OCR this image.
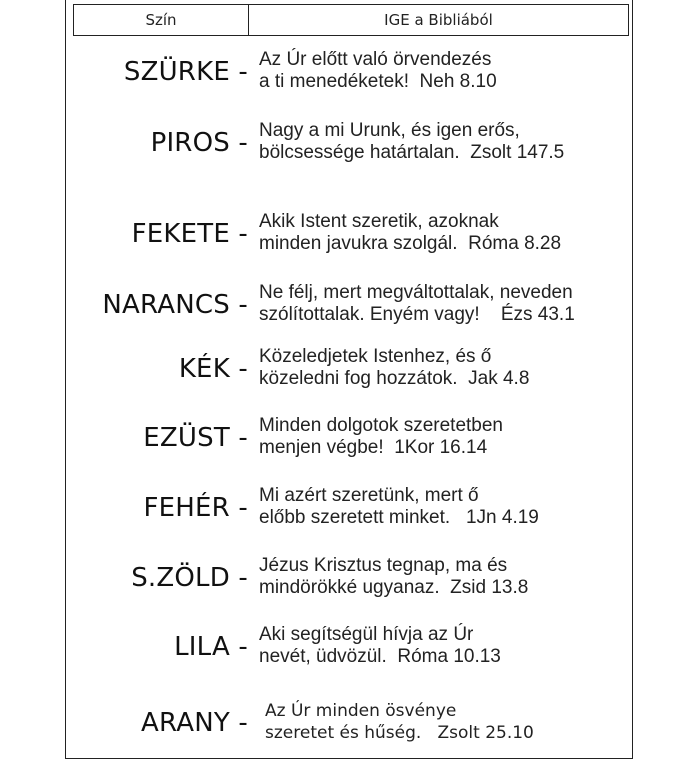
Szín	IGE a Bibliából
SZÜRKE - Az Úr előtt való örvendezés
a ti menedéketek!  Neh 8.10
PIROS - Nagy a mi Urunk, és igen erős,
bölcsessége határtalan.  Zsolt 147.5
FEKETE - Akik Istent szeretik, azoknak
minden javukra szolgál.  Róma 8.28
NARANCS - Ne félj, mert megváltottalak, neveden
szólítottalak. Enyém vagy!    Ézs 43.1
KÉK - Közeledjetek Istenhez, és ő
közeledni fog hozzátok.  Jak 4.8
EZÜST - Minden dolgotok szeretetben
menjen végbe!  1Kor 16.14
FEHÉR - Mi azért szeretünk, mert ő
előbb szeretett minket.   1Jn 4.19
S.ZÖLD - Jézus Krisztus tegnap, ma és
mindörökké ugyanaz.  Zsid 13.8
LILA - Aki segítségül hívja az Úr
nevét, üdvözül.  Róma 10.13
ARANY - Az Úr minden ösvénye
szeretet és hűség.   Zsolt 25.10
